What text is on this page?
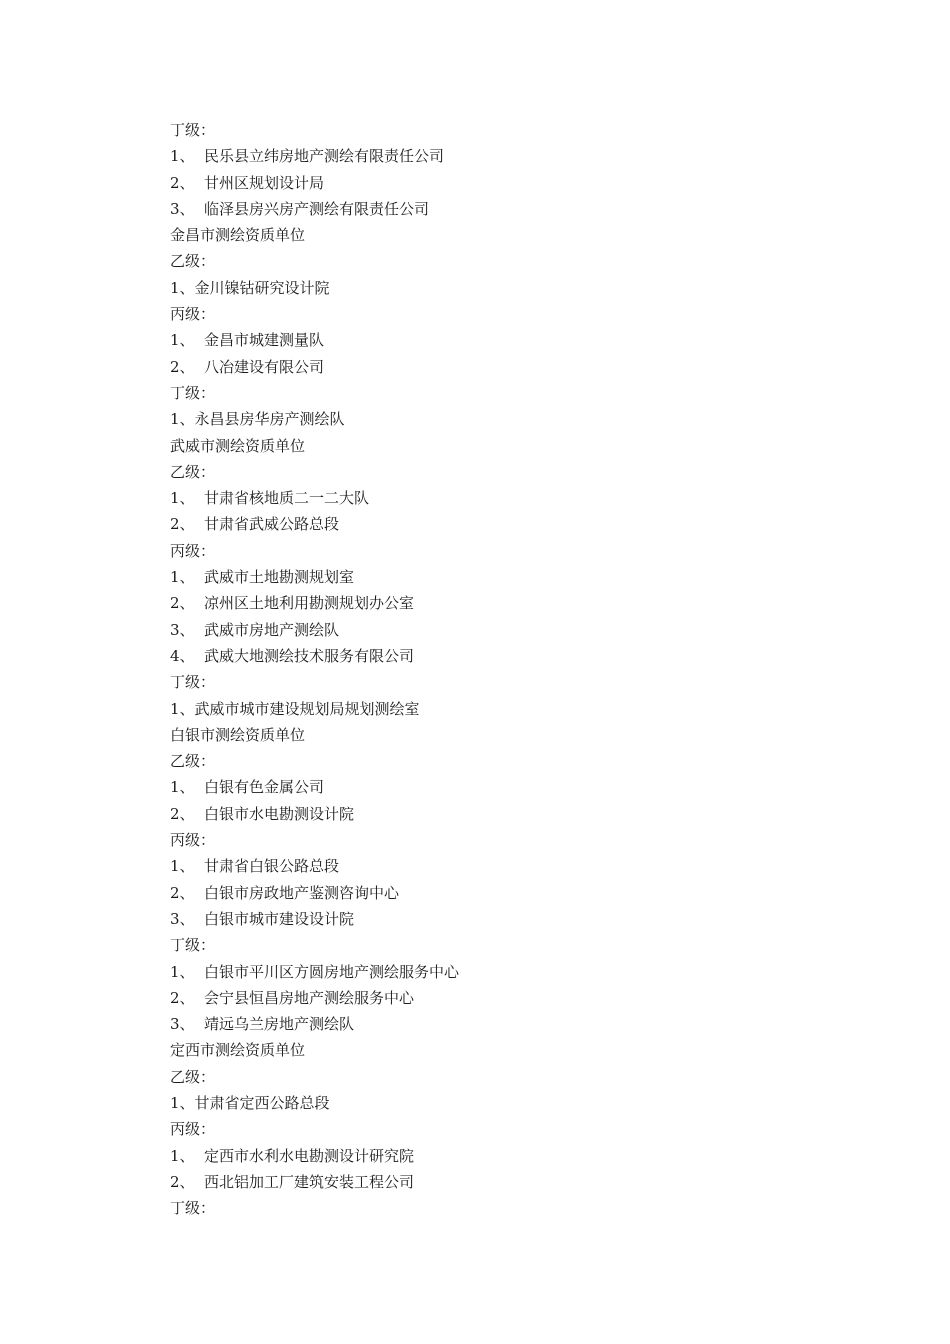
丁级：
1、 民乐县立纬房地产测绘有限责任公司
2、 甘州区规划设计局
3、 临泽县房兴房产测绘有限责任公司
金昌市测绘资质单位
乙级：
1、金川镍钴研究设计院
丙级：
1、 金昌市城建测量队
2、 八冶建设有限公司
丁级：
1、永昌县房华房产测绘队
武威市测绘资质单位
乙级：
1、 甘肃省核地质二一二大队
2、 甘肃省武威公路总段
丙级：
1、 武威市土地勘测规划室
2、 凉州区土地利用勘测规划办公室
3、 武威市房地产测绘队
4、 武威大地测绘技术服务有限公司
丁级：
1、武威市城市建设规划局规划测绘室
白银市测绘资质单位
乙级：
1、 白银有色金属公司
2、 白银市水电勘测设计院
丙级：
1、 甘肃省白银公路总段
2、 白银市房政地产鉴测咨询中心
3、 白银市城市建设设计院
丁级：
1、 白银市平川区方圆房地产测绘服务中心
2、 会宁县恒昌房地产测绘服务中心
3、 靖远乌兰房地产测绘队
定西市测绘资质单位
乙级：
1、甘肃省定西公路总段
丙级：
1、 定西市水利水电勘测设计研究院
2、 西北铝加工厂建筑安装工程公司
丁级：
